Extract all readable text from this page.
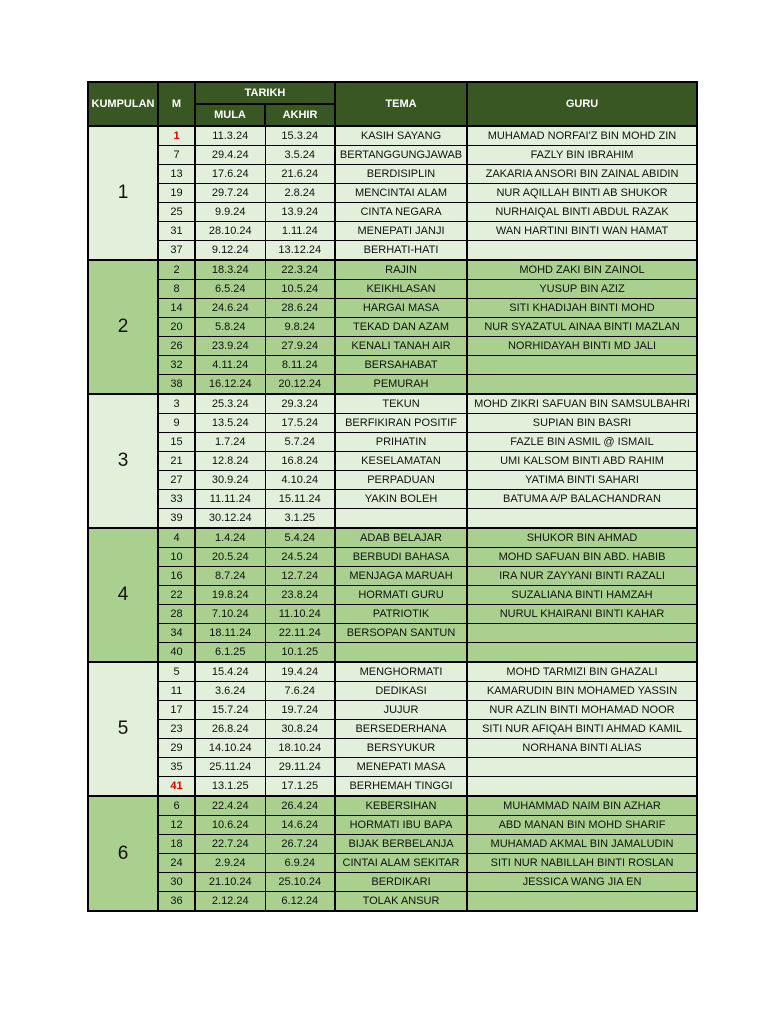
KUMPULAN	M	TARIKH		TEMA	GURU
		MULA	AKHIR		
1	1	11.3.24	15.3.24	KASIH SAYANG	MUHAMAD NORFAI'Z BIN MOHD ZIN
	7	29.4.24	3.5.24	BERTANGGUNGJAWAB	FAZLY BIN IBRAHIM
	13	17.6.24	21.6.24	BERDISIPLIN	ZAKARIA ANSORI BIN ZAINAL ABIDIN
	19	29.7.24	2.8.24	MENCINTAI ALAM	NUR AQILLAH BINTI AB SHUKOR
	25	9.9.24	13.9.24	CINTA NEGARA	NURHAIQAL BINTI ABDUL RAZAK
	31	28.10.24	1.11.24	MENEPATI JANJI	WAN HARTINI BINTI WAN HAMAT
	37	9.12.24	13.12.24	BERHATI-HATI	
2	2	18.3.24	22.3.24	RAJIN	MOHD ZAKI BIN ZAINOL
	8	6.5.24	10.5.24	KEIKHLASAN	YUSUP BIN AZIZ
	14	24.6.24	28.6.24	HARGAI MASA	SITI KHADIJAH BINTI MOHD
	20	5.8.24	9.8.24	TEKAD DAN AZAM	NUR SYAZATUL AINAA BINTI MAZLAN
	26	23.9.24	27.9.24	KENALI TANAH AIR	NORHIDAYAH BINTI MD JALI
	32	4.11.24	8.11.24	BERSAHABAT	
	38	16.12.24	20.12.24	PEMURAH	
3	3	25.3.24	29.3.24	TEKUN	MOHD ZIKRI SAFUAN BIN SAMSULBAHRI
	9	13.5.24	17.5.24	BERFIKIRAN POSITIF	SUPIAN BIN BASRI
	15	1.7.24	5.7.24	PRIHATIN	FAZLE BIN ASMIL @ ISMAIL
	21	12.8.24	16.8.24	KESELAMATAN	UMI KALSOM BINTI ABD RAHIM
	27	30.9.24	4.10.24	PERPADUAN	YATIMA BINTI SAHARI
	33	11.11.24	15.11.24	YAKIN BOLEH	BATUMA A/P BALACHANDRAN
	39	30.12.24	3.1.25		
4	4	1.4.24	5.4.24	ADAB BELAJAR	SHUKOR BIN AHMAD
	10	20.5.24	24.5.24	BERBUDI BAHASA	MOHD SAFUAN BIN ABD. HABIB
	16	8.7.24	12.7.24	MENJAGA MARUAH	IRA NUR ZAYYANI BINTI RAZALI
	22	19.8.24	23.8.24	HORMATI GURU	SUZALIANA BINTI HAMZAH
	28	7.10.24	11.10.24	PATRIOTIK	NURUL KHAIRANI BINTI KAHAR
	34	18.11.24	22.11.24	BERSOPAN SANTUN	
	40	6.1.25	10.1.25		
5	5	15.4.24	19.4.24	MENGHORMATI	MOHD TARMIZI BIN GHAZALI
	11	3.6.24	7.6.24	DEDIKASI	KAMARUDIN BIN MOHAMED YASSIN
	17	15.7.24	19.7.24	JUJUR	NUR AZLIN BINTI MOHAMAD NOOR
	23	26.8.24	30.8.24	BERSEDERHANA	SITI NUR AFIQAH BINTI AHMAD KAMIL
	29	14.10.24	18.10.24	BERSYUKUR	NORHANA BINTI ALIAS
	35	25.11.24	29.11.24	MENEPATI MASA	
	41	13.1.25	17.1.25	BERHEMAH TINGGI	
6	6	22.4.24	26.4.24	KEBERSIHAN	MUHAMMAD NAIM BIN AZHAR
	12	10.6.24	14.6.24	HORMATI IBU BAPA	ABD MANAN BIN MOHD SHARIF
	18	22.7.24	26.7.24	BIJAK BERBELANJA	MUHAMAD AKMAL BIN JAMALUDIN
	24	2.9.24	6.9.24	CINTAI ALAM SEKITAR	SITI NUR NABILLAH BINTI ROSLAN
	30	21.10.24	25.10.24	BERDIKARI	JESSICA WANG JIA EN
	36	2.12.24	6.12.24	TOLAK ANSUR	
